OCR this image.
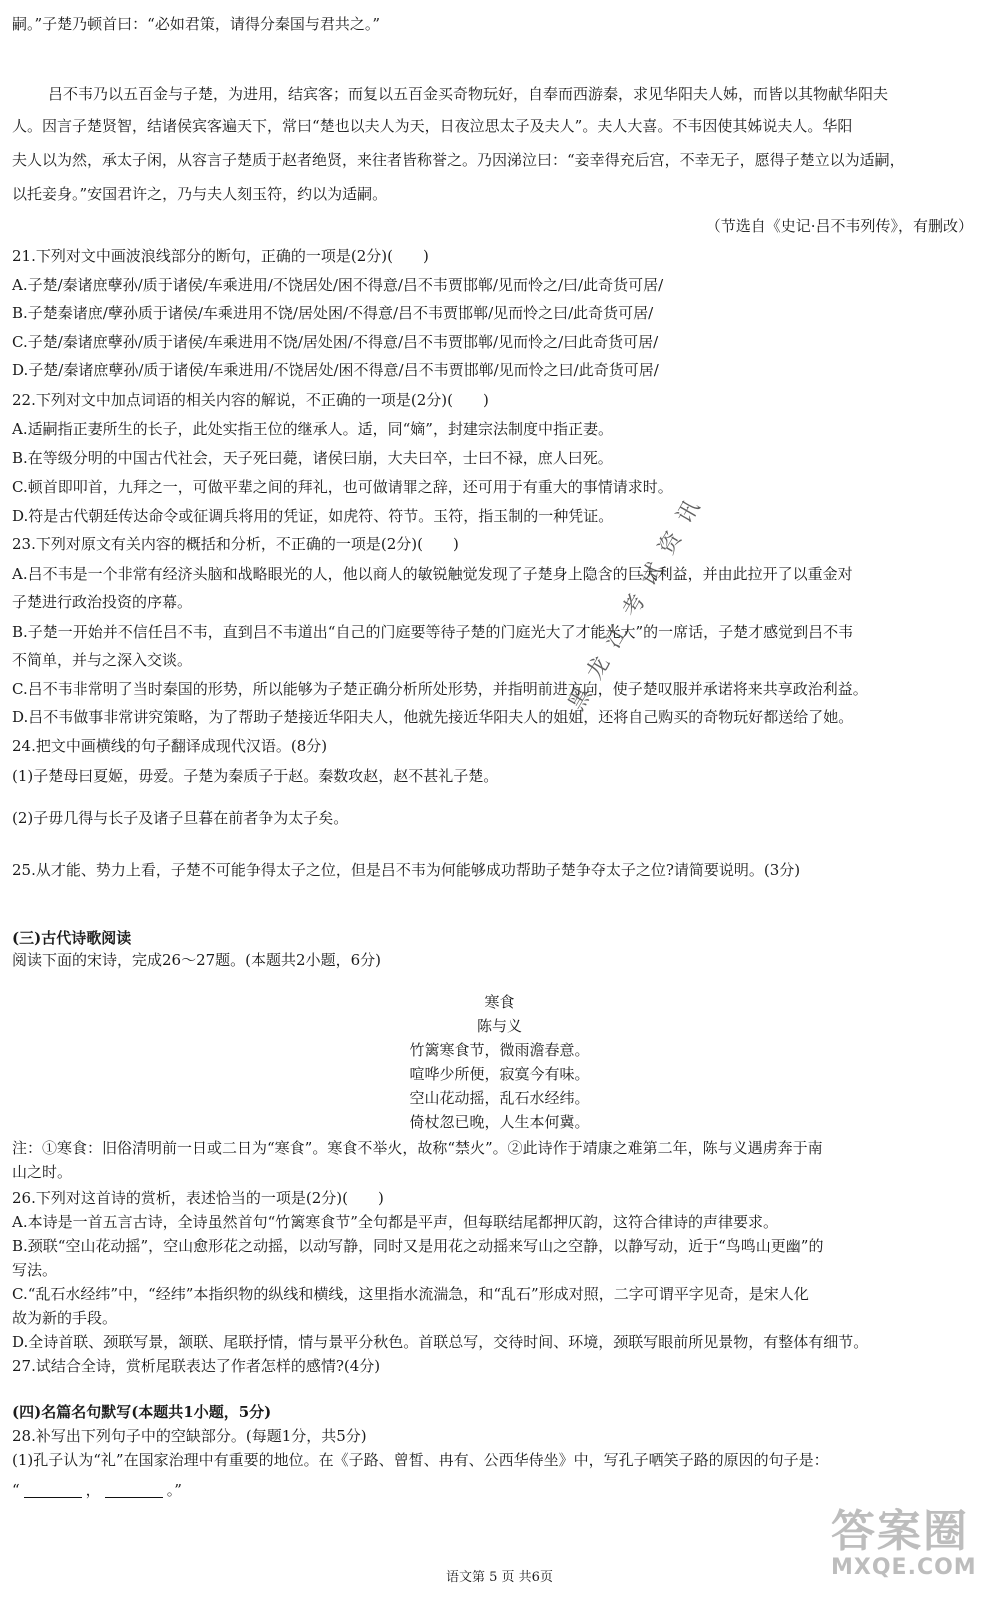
嗣。”子楚乃顿首曰：“必如君策，请得分秦国与君共之。”
吕不韦乃以五百金与子楚，为进用，结宾客；而复以五百金买奇物玩好，自奉而西游秦，求见华阳夫人姊，而皆以其物献华阳夫
人。因言子楚贤智，结诸侯宾客遍天下，常曰“楚也以夫人为天，日夜泣思太子及夫人”。夫人大喜。不韦因使其姊说夫人。华阳
夫人以为然，承太子闲，从容言子楚质于赵者绝贤，来往者皆称誉之。乃因涕泣曰：“妾幸得充后宫，不幸无子，愿得子楚立以为适嗣，
以托妾身。”安国君许之，乃与夫人刻玉符，约以为适嗣。
（节选自《史记·吕不韦列传》，有删改）
21.下列对文中画波浪线部分的断句，正确的一项是(2分)(　　)
A.子楚/秦诸庶孽孙/质于诸侯/车乘进用/不饶居处/困不得意/吕不韦贾邯郸/见而怜之/曰/此奇货可居/
B.子楚秦诸庶/孽孙质于诸侯/车乘进用不饶/居处困/不得意/吕不韦贾邯郸/见而怜之曰/此奇货可居/
C.子楚/秦诸庶孽孙/质于诸侯/车乘进用不饶/居处困/不得意/吕不韦贾邯郸/见而怜之/曰此奇货可居/
D.子楚/秦诸庶孽孙/质于诸侯/车乘进用/不饶居处/困不得意/吕不韦贾邯郸/见而怜之曰/此奇货可居/
22.下列对文中加点词语的相关内容的解说，不正确的一项是(2分)(　　)
A.适嗣指正妻所生的长子，此处实指王位的继承人。适，同“嫡”，封建宗法制度中指正妻。
B.在等级分明的中国古代社会，天子死曰薨，诸侯曰崩，大夫曰卒，士曰不禄，庶人曰死。
C.顿首即叩首，九拜之一，可做平辈之间的拜礼，也可做请罪之辞，还可用于有重大的事情请求时。
D.符是古代朝廷传达命令或征调兵将用的凭证，如虎符、符节。玉符，指玉制的一种凭证。
23.下列对原文有关内容的概括和分析，不正确的一项是(2分)(　　)
A.吕不韦是一个非常有经济头脑和战略眼光的人，他以商人的敏锐触觉发现了子楚身上隐含的巨大利益，并由此拉开了以重金对
子楚进行政治投资的序幕。
B.子楚一开始并不信任吕不韦，直到吕不韦道出“自己的门庭要等待子楚的门庭光大了才能光大”的一席话，子楚才感觉到吕不韦
不简单，并与之深入交谈。
C.吕不韦非常明了当时秦国的形势，所以能够为子楚正确分析所处形势，并指明前进方向，使子楚叹服并承诺将来共享政治利益。
D.吕不韦做事非常讲究策略，为了帮助子楚接近华阳夫人，他就先接近华阳夫人的姐姐，还将自己购买的奇物玩好都送给了她。
24.把文中画横线的句子翻译成现代汉语。(8分)
(1)子楚母曰夏姬，毋爱。子楚为秦质子于赵。秦数攻赵，赵不甚礼子楚。
(2)子毋几得与长子及诸子旦暮在前者争为太子矣。
25.从才能、势力上看，子楚不可能争得太子之位，但是吕不韦为何能够成功帮助子楚争夺太子之位?请简要说明。(3分)
(三)古代诗歌阅读
阅读下面的宋诗，完成26～27题。(本题共2小题，6分)
寒食
陈与义
竹篱寒食节，微雨澹春意。
喧哗少所便，寂寞今有味。
空山花动摇，乱石水经纬。
倚杖忽已晚，人生本何冀。
注：①寒食：旧俗清明前一日或二日为“寒食”。寒食不举火，故称“禁火”。②此诗作于靖康之难第二年，陈与义遇虏奔于南
山之时。
26.下列对这首诗的赏析，表述恰当的一项是(2分)(　　)
A.本诗是一首五言古诗，全诗虽然首句“竹篱寒食节”全句都是平声，但每联结尾都押仄韵，这符合律诗的声律要求。
B.颈联“空山花动摇”，空山愈形花之动摇，以动写静，同时又是用花之动摇来写山之空静，以静写动，近于“鸟鸣山更幽”的
写法。
C.“乱石水经纬”中，“经纬”本指织物的纵线和横线，这里指水流湍急，和“乱石”形成对照，二字可谓平字见奇，是宋人化
故为新的手段。
D.全诗首联、颈联写景，颔联、尾联抒情，情与景平分秋色。首联总写，交待时间、环境，颈联写眼前所见景物，有整体有细节。
27.试结合全诗，赏析尾联表达了作者怎样的感情?(4分)
(四)名篇名句默写(本题共1小题，5分)
28.补写出下列句子中的空缺部分。(每题1分，共5分)
(1)孔子认为“礼”在国家治理中有重要的地位。在《子路、曾皙、冉有、公西华侍坐》中，写孔子哂笑子路的原因的句子是：
“	，	。”
黑龙江考试资讯
答案圈
MXQE.COM
语文第 5 页 共6页
